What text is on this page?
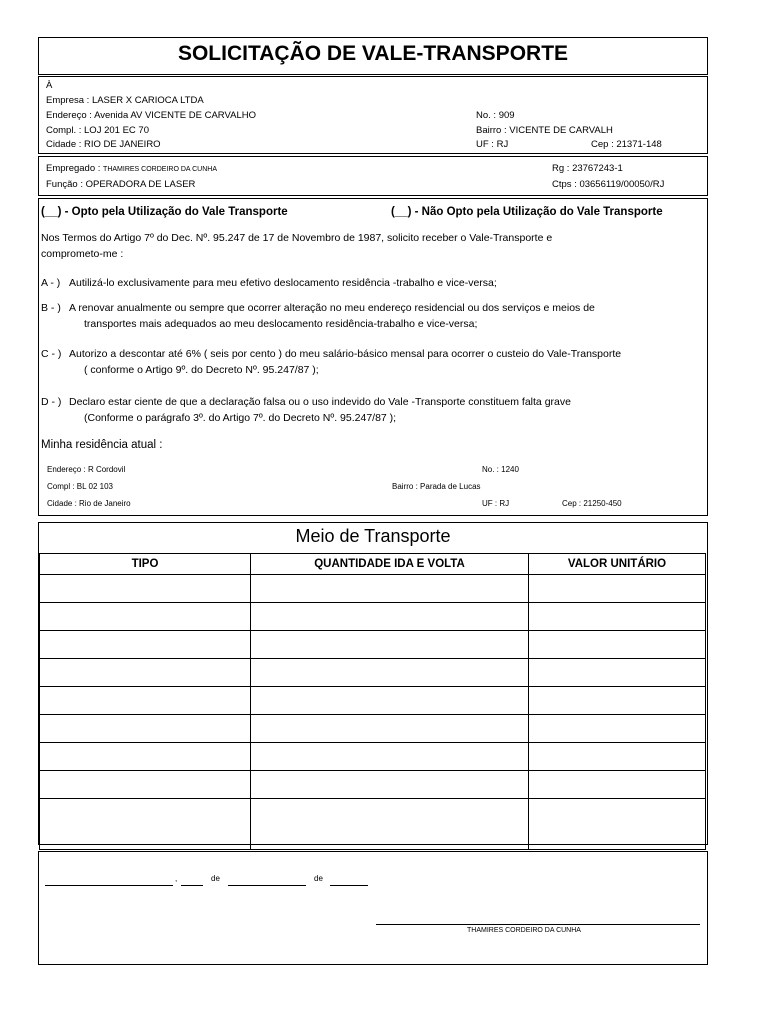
SOLICITAÇÃO DE VALE-TRANSPORTE
À
Empresa : LASER X CARIOCA LTDA
Endereço : Avenida AV VICENTE DE CARVALHO
Compl. : LOJ 201 EC 70
Cidade : RIO DE JANEIRO
No. : 909
Bairro : VICENTE DE CARVALH
UF : RJ	Cep : 21371-148
Empregado : THAMIRES CORDEIRO DA CUNHA
Função : OPERADORA DE LASER
Rg : 23767243-1
Ctps : 03656119/00050/RJ
(__) - Opto pela Utilização do Vale Transporte	(__) - Não Opto pela Utilização do Vale Transporte
Nos Termos do Artigo 7º do Dec. Nº. 95.247 de 17 de Novembro de 1987, solicito receber o Vale-Transporte e
comprometo-me :
A - ) Autilizá-lo exclusivamente para meu efetivo deslocamento residência -trabalho e vice-versa;
B - ) A renovar anualmente ou sempre que ocorrer alteração no meu endereço residencial ou dos serviços e meios de
transportes mais adequados ao meu deslocamento residência-trabalho e vice-versa;
C - ) Autorizo a descontar até 6% ( seis por cento ) do meu salário-básico mensal para ocorrer o custeio do Vale-Transporte
( conforme o Artigo 9º. do Decreto Nº. 95.247/87 );
D - ) Declaro estar ciente de que a declaração falsa ou o uso indevido do Vale -Transporte constituem falta grave
(Conforme o parágrafo 3º. do Artigo 7º. do Decreto Nº. 95.247/87 );
Minha residência atual :
Endereço : R Cordovil
Compl : BL 02 103
Cidade : Rio de Janeiro
No. : 1240
Bairro : Parada de Lucas
UF : RJ	Cep : 21250-450
Meio de Transporte
TIPO	QUANTIDADE IDA E VOLTA	VALOR UNITÁRIO

,	de	de
THAMIRES CORDEIRO DA CUNHA
